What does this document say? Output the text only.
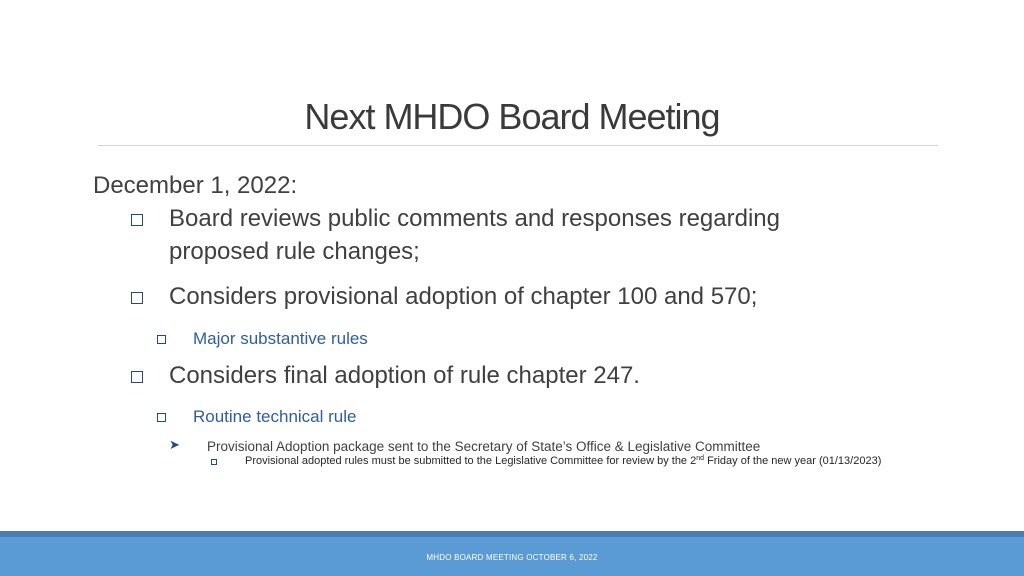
Next MHDO Board Meeting
December 1, 2022:
Board reviews public comments and responses regarding
proposed rule changes;
Considers provisional adoption of chapter 100 and 570;
Major substantive rules
Considers final adoption of rule chapter 247.
Routine technical rule
➤ Provisional Adoption package sent to the Secretary of State’s Office & Legislative Committee
Provisional adopted rules must be submitted to the Legislative Committee for review by the 2nd Friday of the new year (01/13/2023)
MHDO BOARD MEETING OCTOBER 6, 2022
